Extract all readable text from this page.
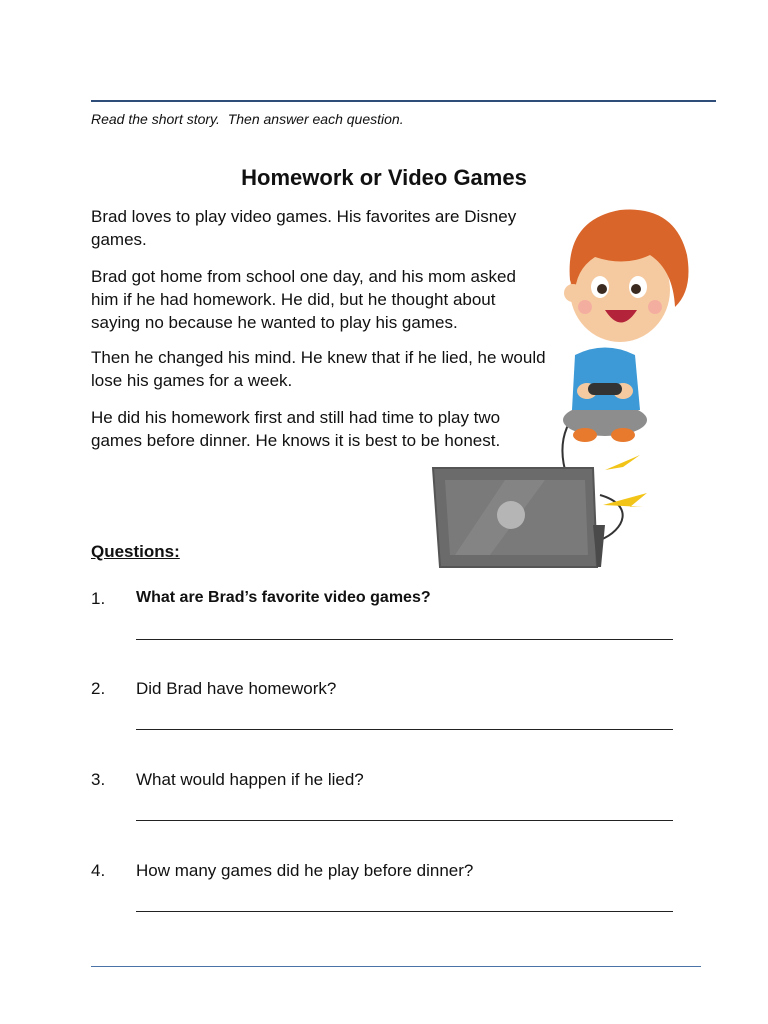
Read the short story.  Then answer each question.
Homework or Video Games

Brad loves to play video games. His favorites are Disney games.

Brad got home from school one day, and his mom asked him if he had homework. He did, but he thought about saying no because he wanted to play his games.

Then he changed his mind. He knew that if he lied, he would lose his games for a week.

He did his homework first and still had time to play two games before dinner. He knows it is best to be honest.

Questions:
1. What are Brad’s favorite video games?
2. Did Brad have homework?
3. What would happen if he lied?
4. How many games did he play before dinner?
